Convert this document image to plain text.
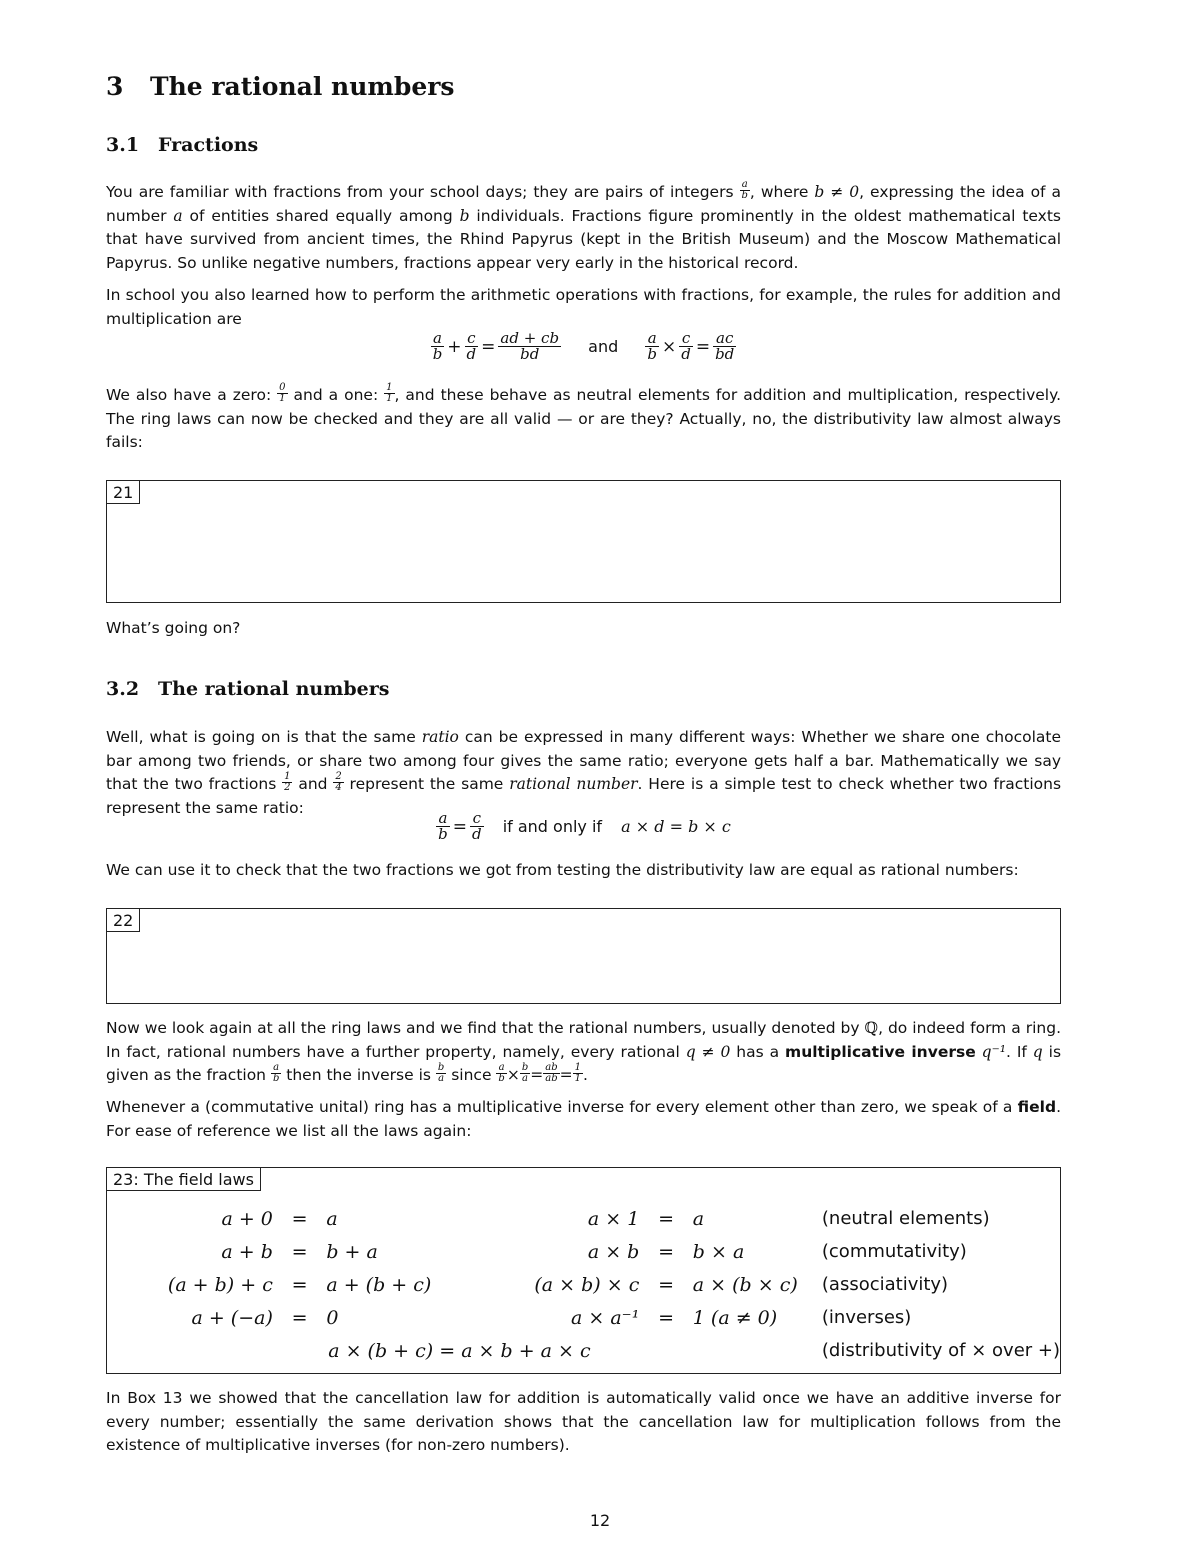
3 The rational numbers
3.1 Fractions
You are familiar with fractions from your school days; they are pairs of integers $\frac{a}{b}$ , where b ≠ 0, expressing the idea of a number a of entities shared equally among b individuals. Fractions figure prominently in the oldest mathematical texts that have survived from ancient times, the Rhind Papyrus (kept in the British Museum) and the Moscow Mathematical Papyrus. So unlike negative numbers, fractions appear very early in the historical record.
In school you also learned how to perform the arithmetic operations with fractions, for example, the rules for addition and multiplication are
$\frac{a}{b} + \frac{c}{d} = \frac{ad + cb}{bd}$ and $\frac{a}{b} \times \frac{c}{d} = \frac{ac}{bd}$
We also have a zero: $\frac{0}{1}$ and a one: $\frac{1}{1}$ , and these behave as neutral elements for addition and multiplication, respectively. The ring laws can now be checked and they are all valid — or are they? Actually, no, the distributivity law almost always fails:
21
What’s going on?
3.2 The rational numbers
Well, what is going on is that the same ratio can be expressed in many different ways: Whether we share one chocolate bar among two friends, or share two among four gives the same ratio; everyone gets half a bar. Mathematically we say that the two fractions $\frac{1}{2}$ and $\frac{2}{4}$ represent the same rational number. Here is a simple test to check whether two fractions represent the same ratio:
$\frac{a}{b} = \frac{c}{d}$ if and only if a × d = b × c
We can use it to check that the two fractions we got from testing the distributivity law are equal as rational numbers:
22
Now we look again at all the ring laws and we find that the rational numbers, usually denoted by ℚ, do indeed form a ring. In fact, rational numbers have a further property, namely, every rational q ≠ 0 has a multiplicative inverse q⁻¹. If q is given as the fraction $\frac{a}{b}$ then the inverse is $\frac{b}{a}$ since $\frac{a}{b} \times \frac{b}{a} = \frac{ab}{ab} = \frac{1}{1}$ .
Whenever a (commutative unital) ring has a multiplicative inverse for every element other than zero, we speak of a field. For ease of reference we list all the laws again:
23: The field laws
a + 0	=	a	a × 1	=	a	(neutral elements)
a + b	=	b + a	a × b	=	b × a	(commutativity)
(a + b) + c	=	a + (b + c)	(a × b) × c	=	a × (b × c)	(associativity)
a + (−a)	=	0	a × a⁻¹	=	1 (a ≠ 0)	(inverses)
a × (b + c) = a × b + a × c						(distributivity of × over +)
In Box 13 we showed that the cancellation law for addition is automatically valid once we have an additive inverse for every number; essentially the same derivation shows that the cancellation law for multiplication follows from the existence of multiplicative inverses (for non-zero numbers).
12
